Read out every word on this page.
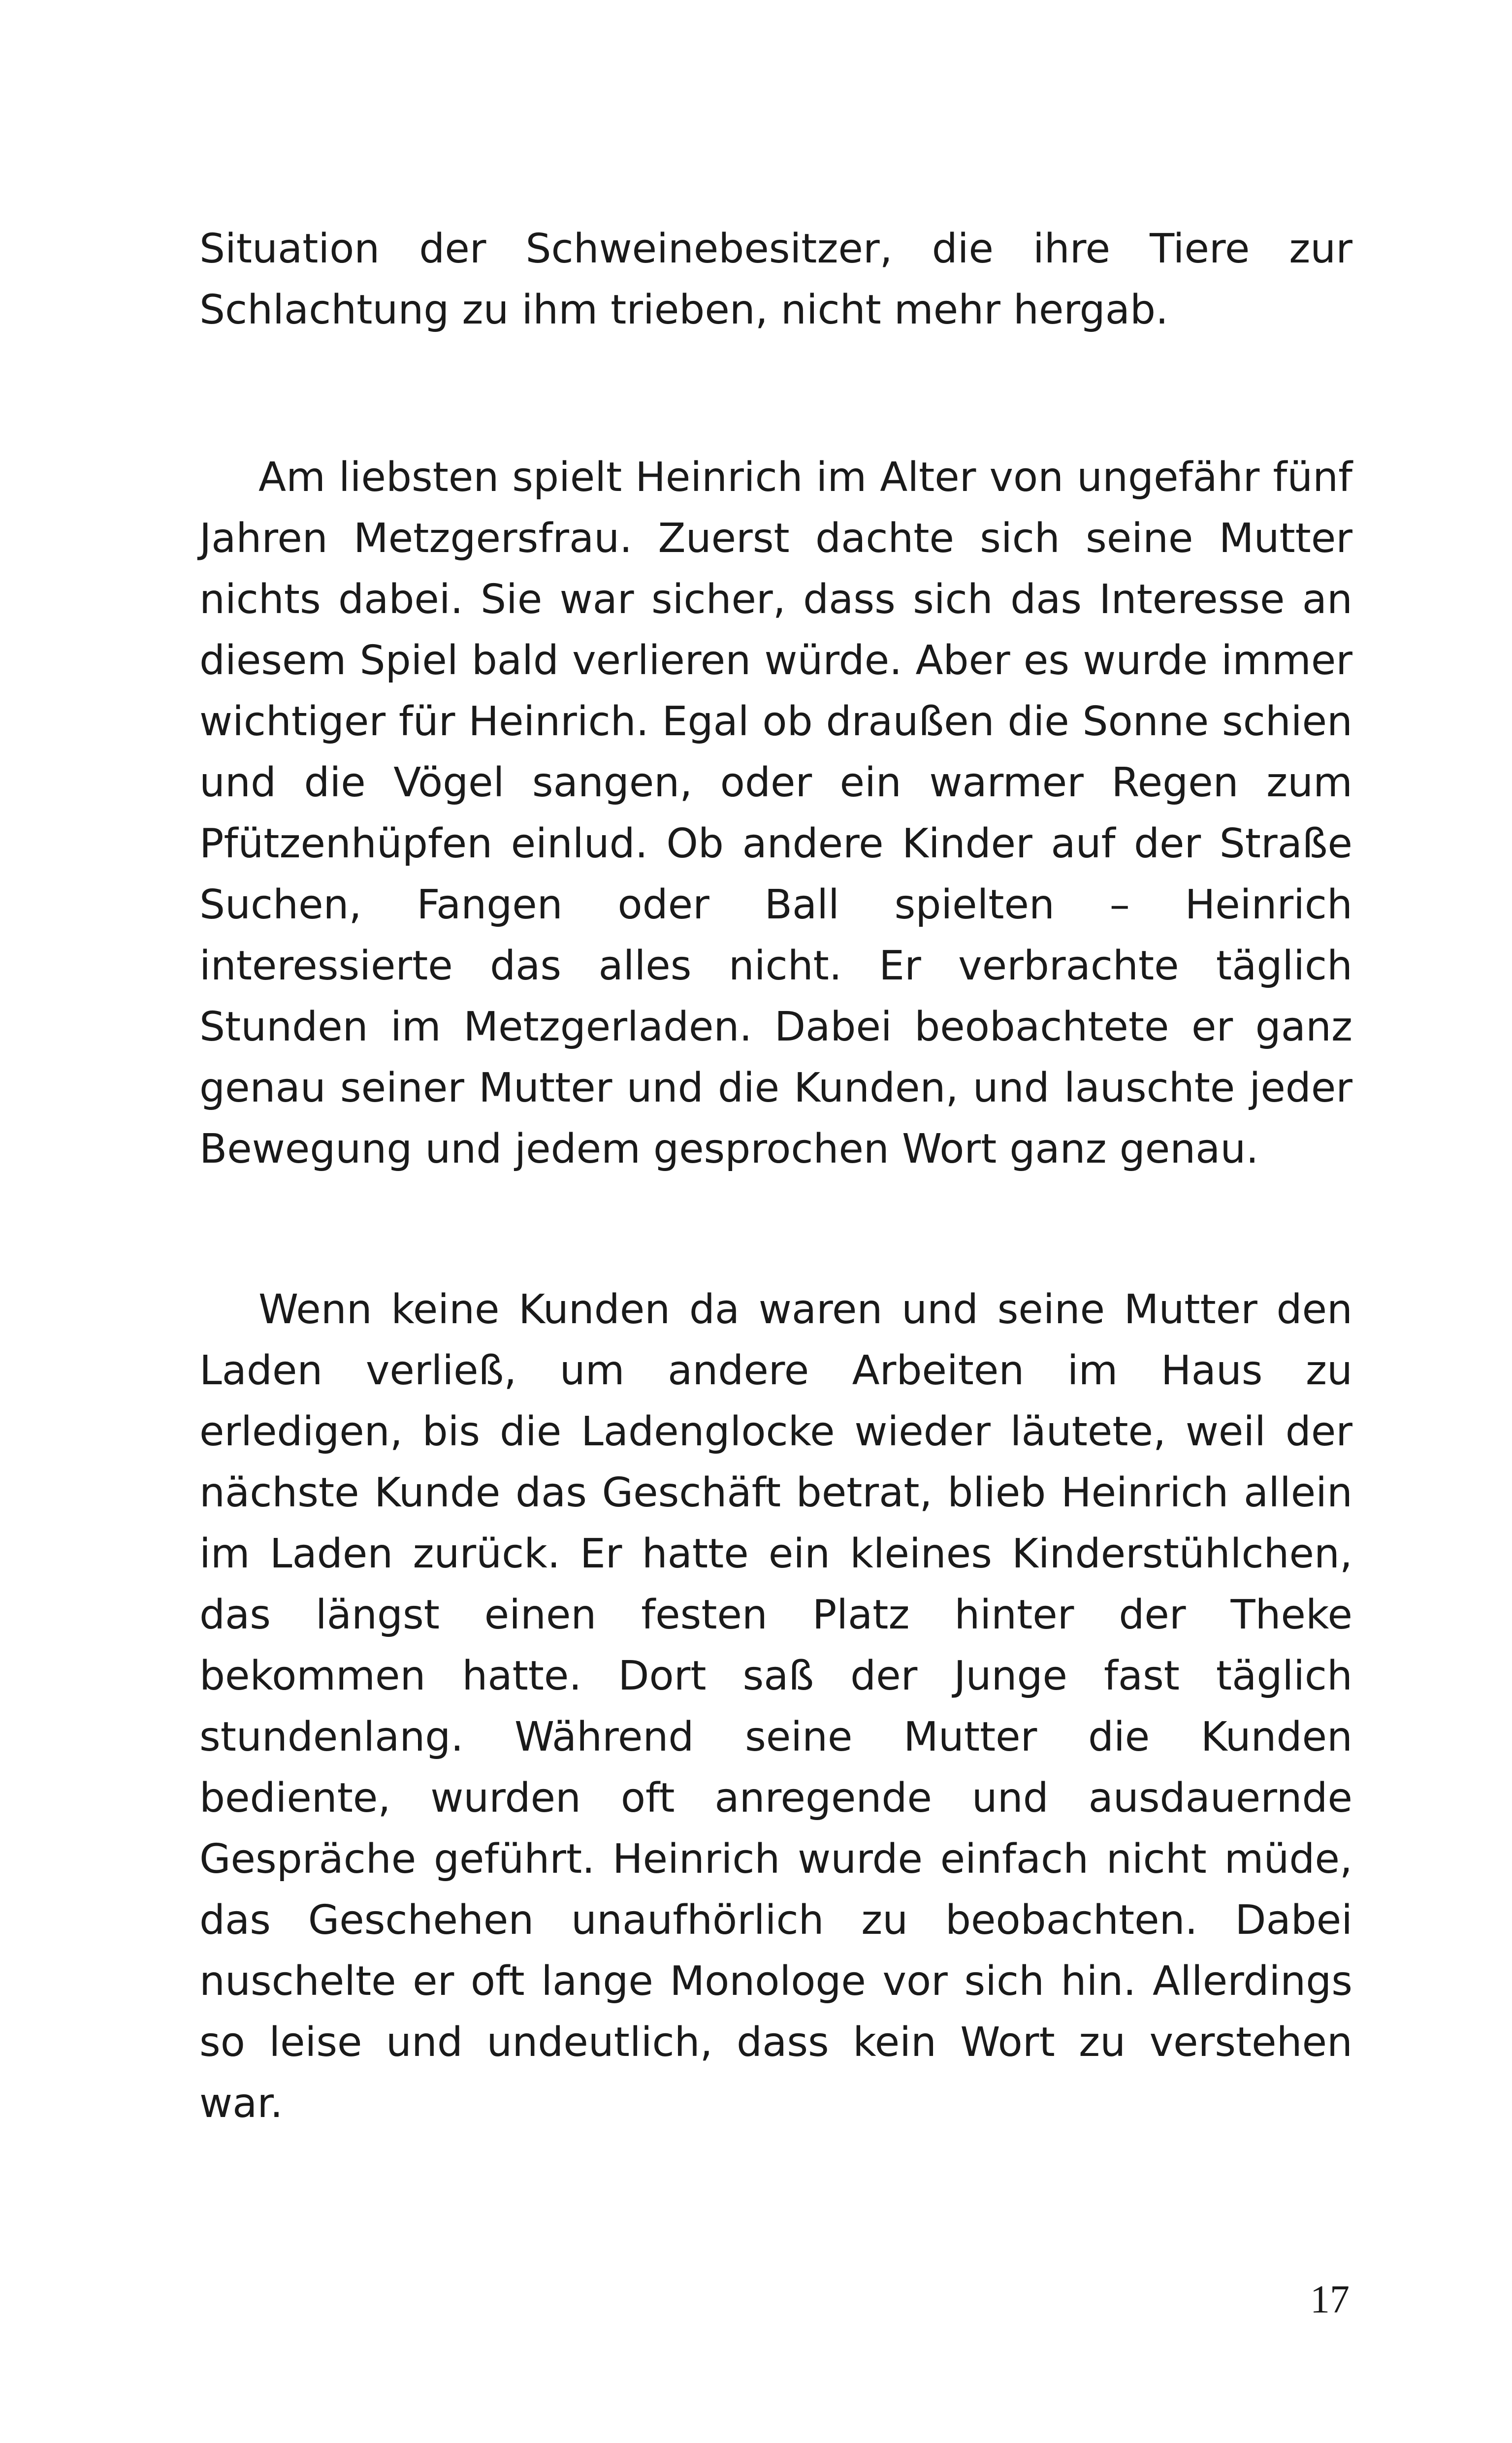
Situation der Schweinebesitzer, die ihre Tiere zur Schlachtung zu ihm trieben, nicht mehr hergab.

Am liebsten spielt Heinrich im Alter von ungefähr fünf Jahren Metzgersfrau. Zuerst dachte sich seine Mutter nichts dabei. Sie war sicher, dass sich das Interesse an diesem Spiel bald verlieren würde. Aber es wurde immer wichtiger für Heinrich. Egal ob draußen die Sonne schien und die Vögel sangen, oder ein warmer Regen zum Pfützenhüpfen einlud. Ob andere Kinder auf der Straße Suchen, Fangen oder Ball spielten – Heinrich interessierte das alles nicht. Er verbrachte täglich Stunden im Metzgerladen. Dabei beobachtete er ganz genau seiner Mutter und die Kunden, und lauschte jeder Bewegung und jedem gesprochen Wort ganz genau.

Wenn keine Kunden da waren und seine Mutter den Laden verließ, um andere Arbeiten im Haus zu erledigen, bis die Ladenglocke wieder läutete, weil der nächste Kunde das Geschäft betrat, blieb Heinrich allein im Laden zurück. Er hatte ein kleines Kinderstühlchen, das längst einen festen Platz hinter der Theke bekommen hatte. Dort saß der Junge fast täglich stundenlang. Während seine Mutter die Kunden bediente, wurden oft anregende und ausdauernde Gespräche geführt. Heinrich wurde einfach nicht müde, das Geschehen unaufhörlich zu beobachten. Dabei nuschelte er oft lange Monologe vor sich hin. Allerdings so leise und undeutlich, dass kein Wort zu verstehen war.

17
